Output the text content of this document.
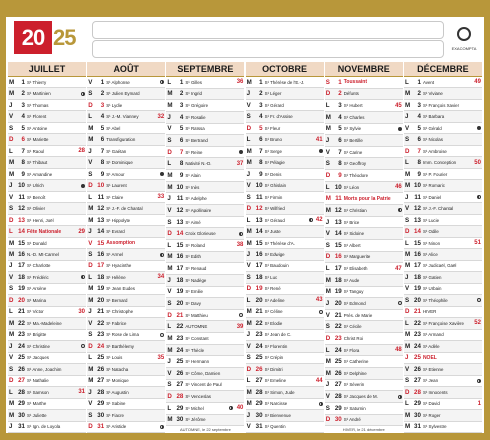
20 25	EXACOMPTA
JUILLET
M	1 S¹ Thierry
M	2 S¹ Martinien
J	3 S¹ Thomas
V	4 S¹ Florent
S	5 S¹ Antoine
D	6 S¹ Mariette
L	7 S¹ Raoul	28
M	8 S¹ Thibaut
M	9 S¹ Amandine
J 10 S¹ Ulrich
V 11 S¹ Benoît
S 12 S¹ Olivier
D 13 S¹ Henri, Joël
L 14 Fête Nationale	29
M 15 S¹ Donald
M 16 N.-D. Mt-Carmel
J 17 S¹ Charlotte
V 18 S¹ Frédéric
S 19 S¹ Arsène
D 20 S¹ Marina
L 21 S¹ Victor	30
M 22 S¹ Ma.-Madeleine
M 23 S¹ Brigitte
J 24 S¹ Christine
V 25 S¹ Jacques
S 26 S¹ Anne, Joachim
D 27 S¹ Nathalie
L 28 S¹ Samson	31
M 29 S¹ Marthe
M 30 S¹ Juliette
J 31 S¹ Ign. de Loyola
AOÛT
V	1 S¹ Alphonse
S	2 S¹ Julien Eymard
D	3 S¹ Lydie
L	4 S¹ J.-M. Vianney	32
M	5 S¹ Abel
M	6 Transfiguration
J	7 S¹ Gaétan
V	8 S¹ Dominique
S	9 S¹ Amour
D 10 S¹ Laurent
L 11 S¹ Claire	33
M 12 S¹ J.-F. de Chantal
M 13 S¹ Hippolyte
J 14 S¹ Evrard
V 15 Assomption
S 16 S¹ Armel
D 17 S¹ Hyacinthe
L 18 S¹ Hélène	34
M 19 S¹ Jean Eudes
M 20 S¹ Bernard
J 21 S¹ Christophe
V 22 S¹ Fabrice
S 23 S¹ Rose de Lima
D 24 S¹ Barthélemy
L 25 S¹ Louis	35
M 26 S¹ Natacha
M 27 S¹ Monique
J 28 S¹ Augustin
V 29 S¹ Sabine
S 30 S¹ Fiacre
D 31 S¹ Aristide
SEPTEMBRE
L	1 S¹ Gilles	36
M	2 S¹ Ingrid
M	3 S¹ Grégoire
J	4 S¹ Rosalie
V	5 S¹ Raïssa
S	6 S¹ Bertrand
D	7 S¹ Reine
L	8 Nativité N.-D.	37
M	9 S¹ Alain
M 10 S¹ Inès
J 11 S¹ Adelphe
V 12 S¹ Apollinaire
S 13 S¹ Aimé
D 14 Croix Glorieuse
L 15 S¹ Roland	38
M 16 S¹ Edith
M 17 S¹ Renaud
J 18 S¹ Nadège
V 19 S¹ Emilie
S 20 S¹ Davy
D 21 S¹ Matthieu
L 22 AUTOMNE	39
M 23 S¹ Constant
M 24 S¹ Thècle
J 25 S¹ Hermann
V 26 S¹ Côme, Damien
S 27 S¹ Vincent de Paul
D 28 S¹ Venceslas
L 29 S¹ Michel	40
M 30 S¹ Jérôme
AUTOMNE, le 22 septembre
OCTOBRE
M	1 S¹ Thérèse de l'E.-J.
J	2 S¹ Léger
V	3 S¹ Gérard
S	4 S¹ Fr. d'Assise
D	5 S¹ Fleur
L	6 S¹ Bruno	41
M	7 S¹ Serge
M	8 S¹ Pélagie
J	9 S¹ Denis
V 10 S¹ Ghislain
S 11 S¹ Firmin
D 12 S¹ Wilfried
L 13 S¹ Géraud	42
M 14 S¹ Juste
M 15 S¹ Thérèse d'A.
J 16 S¹ Edwige
V 17 S¹ Baudouin
S 18 S¹ Luc
D 19 S¹ René
L 20 S¹ Adeline	43
M 21 S¹ Céline
M 22 S¹ Elodie
J 23 S¹ Jean de C.
V 24 S¹ Florentin
S 25 S¹ Crépin
D 26 S¹ Dimitri
L 27 S¹ Emeline	44
M 28 S¹ Simon, Jude
M 29 S¹ Narcisse
J 30 S¹ Bienvenue
V 31 S¹ Quentin
NOVEMBRE
S	1 Toussaint
D	2 Défunts
L	3 S¹ Hubert	45
M	4 S¹ Charles
M	5 S¹ Sylvie
J	6 S¹ Bertille
V	7 S¹ Carine
S	8 S¹ Geoffroy
D	9 S¹ Théodore
L 10 S¹ Léon	46
M 11 Morts pour la Patrie
M 12 S¹ Christian
J 13 S¹ Brice
V 14 S¹ Sidoine
S 15 S¹ Albert
D 16 S¹ Marguerite
L 17 S¹ Elisabeth	47
M 18 S¹ Aude
M 19 S¹ Tanguy
J 20 S¹ Edmond
V 21 Prés. de Marie
S 22 S¹ Cécile
D 23 Christ Roi
L 24 S¹ Flora	48
M 25 S¹ Catherine
M 26 S¹ Delphine
J 27 S¹ Séverin
V 28 S¹ Jacques de M.
S 29 S¹ Saturnin
D 30 S¹ André
HIVER, le 21 décembre
DÉCEMBRE
L	1 Avent	49
M	2 S¹ Viviane
M	3 S¹ François Xavier
J	4 S¹ Barbara
V	5 S¹ Gérald
S	6 S¹ Nicolas
D	7 S¹ Ambroise
L	8 Imm. Conception	50
M	9 S¹ P. Fourier
M 10 S¹ Romaric
J 11 S¹ Daniel
V 12 S¹ J.-F. Chantal
S 13 S¹ Lucie
D 14 S¹ Odile
L 15 S¹ Ninon	51
M 16 S¹ Alice
M 17 S¹ Judicaël, Gaël
J 18 S¹ Gatien
V 19 S¹ Urbain
S 20 S¹ Théophile
D 21 HIVER
L 22 S¹ Françoise Xavière	52
M 23 S¹ Armand
M 24 S¹ Adèle
J 25 NOËL
V 26 S¹ Etienne
S 27 S¹ Jean
D 28 S¹ Innocents
L 29 S¹ David	1
M 30 S¹ Roger
M 31 S¹ Sylvestre
